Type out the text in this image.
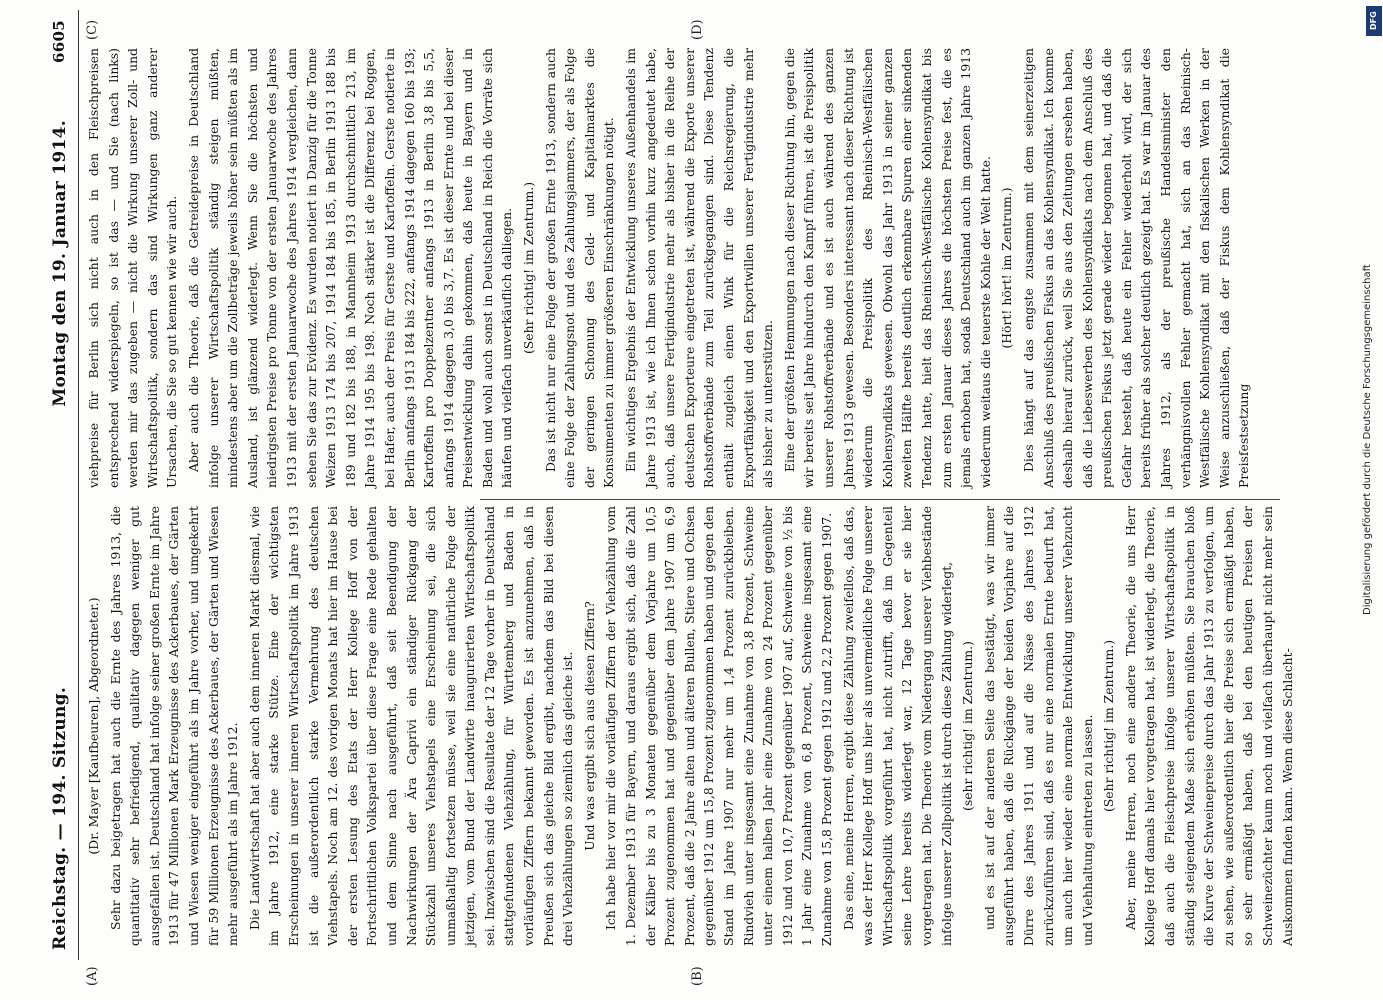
Reichstag. — 194. Sitzung.
Montag den 19. Januar 1914.
6605
(A)	(B)
(C)	(D)

(Dr. Mayer [Kaufbeuren], Abgeordneter.) Sehr dazu beigetragen hat auch die Ernte des Jahres 1913, die quantitativ sehr befriedigend, qualitativ dagegen weniger gut ausgefallen ist. Deutschland hat infolge seiner großen Ernte im Jahre 1913 für 47 Millionen Mark Erzeugnisse des Ackerbaues, der Gärten und Wiesen weniger eingeführt als im Jahre vorher, und umgekehrt für 59 Millionen Erzeugnisse des Ackerbaues, der Gärten und Wiesen mehr ausgeführt als im Jahre 1912. Die Landwirtschaft hat aber auch dem inneren Markt diesmal, wie im Jahre 1912, eine starke Stütze. Eine der wichtigsten Erscheinungen in unserer inneren Wirtschaftspolitik im Jahre 1913 ist die außerordentlich starke Vermehrung des deutschen Viehstapels. Noch am 12. des vorigen Monats hat hier im Hause bei der ersten Lesung des Etats der Herr Kollege Hoff von der Fortschrittlichen Volkspartei über diese Frage eine Rede gehalten und dem Sinne nach ausgeführt, daß seit Beendigung der Nachwirkungen der Ära Caprivi ein ständiger Rückgang der Stückzahl unseres Viehstapels eine Erscheinung sei, die sich unmaßhaltig fortsetzen müsse, weil sie eine natürliche Folge der jetzigen, vom Bund der Landwirte inaugurierten Wirtschaftspolitik sei. Inzwischen sind die Resultate der 12 Tage vorher in Deutschland stattgefundenen Viehzählung, für Württemberg und Baden in vorläufigen Ziffern bekannt geworden. Es ist anzunehmen, daß in Preußen sich das gleiche Bild ergibt, nachdem das Bild bei diesen drei Viehzählungen so ziemlich das gleiche ist. Und was ergibt sich aus diesen Ziffern? Ich habe hier vor mir die vorläufigen Ziffern der Viehzählung vom 1. Dezember 1913 für Bayern, und daraus ergibt sich, daß die Zahl der Kälber bis zu 3 Monaten gegenüber dem Vorjahre um 10,5 Prozent zugenommen hat und gegenüber dem Jahre 1907 um 6,9 Prozent, daß die 2 Jahre alten und älteren Bullen, Stiere und Ochsen gegenüber 1912 um 15,8 Prozent zugenommen haben und gegen den Stand im Jahre 1907 nur mehr um 1,4 Prozent zurückbleiben. Rindvieh unter insgesamt eine Zunahme von 3,8 Prozent, Schweine unter einem halben Jahr eine Zunahme von 24 Prozent gegenüber 1912 und von 10,7 Prozent gegenüber 1907 auf, Schweine von ½ bis 1 Jahr eine Zunahme von 6,8 Prozent, Schweine insgesamt eine Zunahme von 15,8 Prozent gegen 1912 und 2,2 Prozent gegen 1907. Das eine, meine Herren, ergibt diese Zählung zweifellos, daß das, was der Herr Kollege Hoff uns hier als unvermeidliche Folge unserer Wirtschaftspolitik vorgeführt hat, nicht zutrifft, daß im Gegenteil seine Lehre bereits widerlegt war, 12 Tage bevor er sie hier vorgetragen hat. Die Theorie vom Niedergang unserer Viehbestände infolge unserer Zollpolitik ist durch diese Zählung widerlegt, (sehr richtig! im Zentrum.) und es ist auf der anderen Seite das bestätigt, was wir immer ausgeführt haben, daß die Rückgänge der beiden Vorjahre auf die Dürre des Jahres 1911 und auf die Nässe des Jahres 1912 zurückzuführen sind, daß es nur eine normalen Ernte bedurft hat, um auch hier wieder eine normale Entwicklung unserer Viehzucht und Viehhaltung eintreten zu lassen. (Sehr richtig! im Zentrum.) Aber, meine Herren, noch eine andere Theorie, die uns Herr Kollege Hoff damals hier vorgetragen hat, ist widerlegt, die Theorie, daß auch die Fleischpreise infolge unserer Wirtschaftspolitik in ständig steigendem Maße sich erhöhen müßten. Sie brauchen bloß die Kurve der Schweinepreise durch das Jahr 1913 zu verfolgen, um zu sehen, wie außerordentlich hier die Preise sich ermäßigt haben, so sehr ermäßigt haben, daß bei den heutigen Preisen der Schweinezüchter kaum noch und vielfach überhaupt nicht mehr sein Auskommen finden kann. Wenn diese Schlacht-

viehpreise für Berlin sich nicht auch in den Fleischpreisen entsprechend widerspiegeln, so ist das — und Sie (nach links) werden mir das zugeben — nicht die Wirkung unserer Zoll- und Wirtschaftspolitik, sondern das sind Wirkungen ganz anderer Ursachen, die Sie so gut kennen wie wir auch. Aber auch die Theorie, daß die Getreidepreise in Deutschland infolge unserer Wirtschaftspolitik ständig steigen müßten, mindestens aber um die Zollbeträge jeweils höher sein müßten als im Ausland, ist glänzend widerlegt. Wenn Sie die höchsten und niedrigsten Preise pro Tonne von der ersten Januarwoche des Jahres 1913 mit der ersten Januarwoche des Jahres 1914 vergleichen, dann sehen Sie das zur Evidenz. Es wurden notiert in Danzig für die Tonne Weizen 1913 174 bis 207, 1914 184 bis 185, in Berlin 1913 188 bis 189 und 182 bis 188, in Mannheim 1913 durchschnittlich 213, im Jahre 1914 195 bis 198. Noch stärker ist die Differenz bei Roggen, bei Hafer, auch der Preis für Gerste und Kartoffeln. Gerste notierte in Berlin anfangs 1913 184 bis 222, anfangs 1914 dagegen 160 bis 193; Kartoffeln pro Doppelzentner anfangs 1913 in Berlin 3,8 bis 5,5, anfangs 1914 dagegen 3,0 bis 3,7. Es ist dieser Ernte und bei dieser Preisentwicklung dahin gekommen, daß heute in Bayern und in Baden und wohl auch sonst in Deutschland in Reich die Vorräte sich häufen und vielfach unverkäuflich dalliegen. (Sehr richtig! im Zentrum.) Das ist nicht nur eine Folge der großen Ernte 1913, sondern auch eine Folge der Zahlungsnot und des Zahlungsjammers, der als Folge der geringen Schonung des Geld- und Kapitalmarktes die Konsumenten zu immer größeren Einschränkungen nötigt. Ein wichtiges Ergebnis der Entwicklung unseres Außenhandels im Jahre 1913 ist, wie ich Ihnen schon vorhin kurz angedeutet habe, auch, daß unsere Fertigindustrie mehr als bisher in die Reihe der deutschen Exporteure eingetreten ist, während die Exporte unserer Rohstoffverbände zum Teil zurückgegangen sind. Diese Tendenz enthält zugleich einen Wink für die Reichsregierung, die Exportfähigkeit und den Exportwillen unserer Fertigindustrie mehr als bisher zu unterstützen. Eine der größten Hemmungen nach dieser Richtung hin, gegen die wir bereits seit Jahre hindurch den Kampf führen, ist die Preispolitik unserer Rohstoffverbände und es ist auch während des ganzen Jahres 1913 gewesen. Besonders interessant nach dieser Richtung ist wiederum die Preispolitik des Rheinisch-Westfälischen Kohlensyndikats gewesen. Obwohl das Jahr 1913 in seiner ganzen zweiten Hälfte bereits deutlich erkennbare Spuren einer sinkenden Tendenz hatte, hielt das Rheinisch-Westfälische Kohlensyndikat bis zum ersten Januar dieses Jahres die höchsten Preise fest, die es jemals erhoben hat, sodaß Deutschland auch im ganzen Jahre 1913 wiederum weitaus die teuerste Kohle der Welt hatte. (Hört! hört! im Zentrum.) Dies hängt auf das engste zusammen mit dem seinerzeitigen Anschluß des preußischen Fiskus an das Kohlensyndikat. Ich komme deshalb hierauf zurück, weil Sie aus den Zeitungen ersehen haben, daß die Liebeswerben des Kohlensyndikats nach dem Anschluß des preußischen Fiskus jetzt gerade wieder begonnen hat, und daß die Gefahr besteht, daß heute ein Fehler wiederholt wird, der sich bereits früher als solcher deutlich gezeigt hat. Es war im Januar des Jahres 1912, als der preußische Handelsminister den verhängnisvollen Fehler gemacht hat, sich an das Rheinisch-Westfälische Kohlensyndikat mit den fiskalischen Werken in der Weise anzuschließen, daß der Fiskus dem Kohlensyndikat die Preisfestsetzung

DFG
Digitalisierung gefördert durch die Deutsche Forschungsgemeinschaft
